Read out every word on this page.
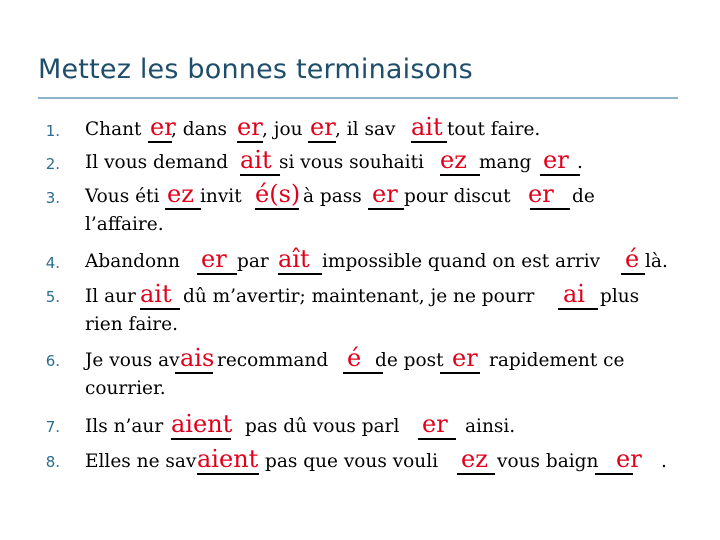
Mettez les bonnes terminaisons
1. Chant er
, dans er , jou er , il sav ait tout faire.
2. Il vous demand ait si vous souhaiti ez mang er .
3. Vous éti ez invit é(s) à pass er pour discut er de
l’affaire.
4. Abandonn er par aît impossible quand on est arriv é là.
5. Il aur ait dû m’avertir; maintenant, je ne pourr ai plus
rien faire.
6. Je vous av ais recommand é de post er rapidement ce
courrier.
7. Ils n’aur aient pas dû vous parl er ainsi.
8. Elles ne sav aient pas que vous vouli ez vous baign er .
